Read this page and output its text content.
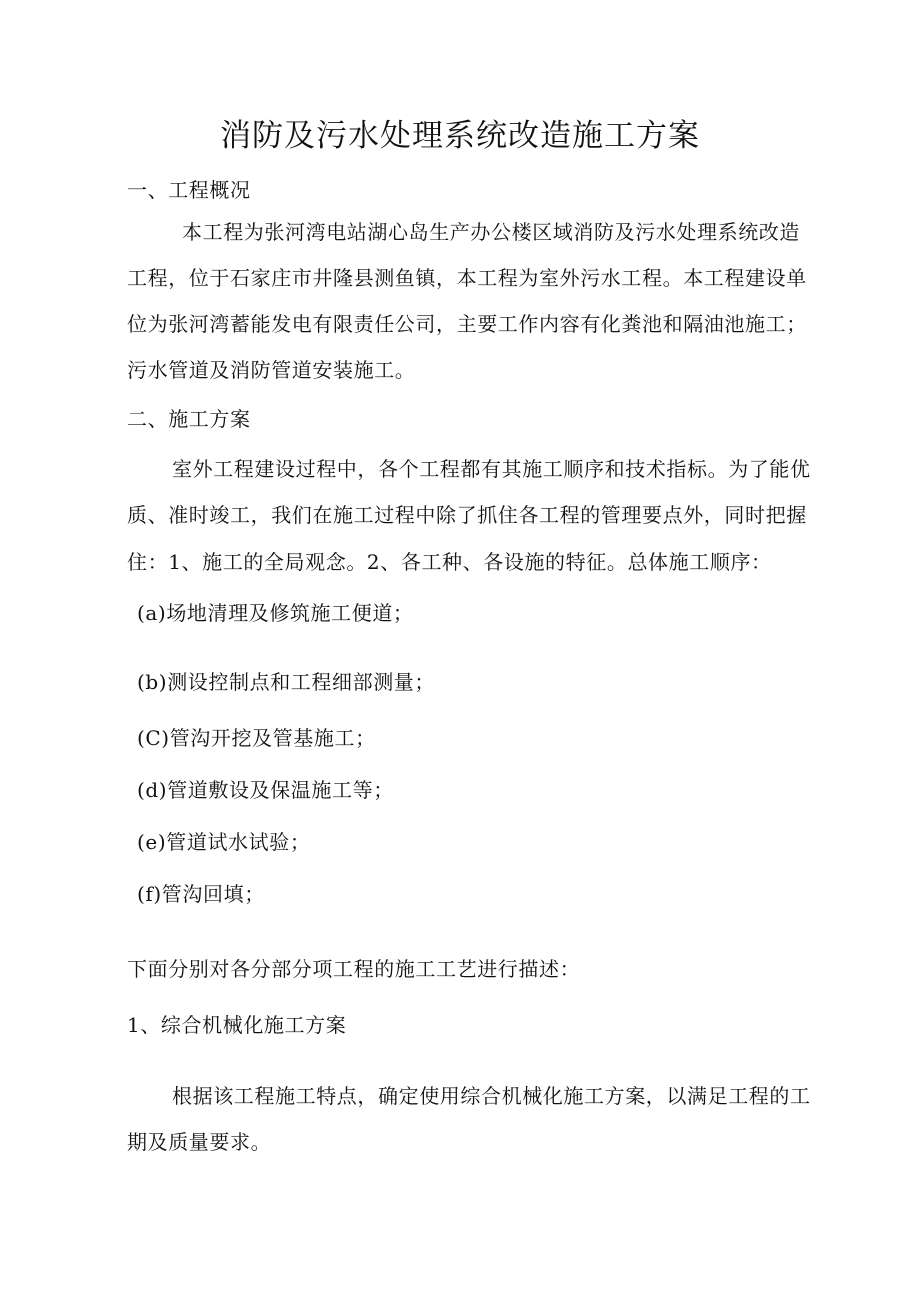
消防及污水处理系统改造施工方案

一、工程概况

本工程为张河湾电站湖心岛生产办公楼区域消防及污水处理系统改造

工程，位于石家庄市井隆县测鱼镇，本工程为室外污水工程。本工程建设单

位为张河湾蓄能发电有限责任公司，主要工作内容有化粪池和隔油池施工；

污水管道及消防管道安装施工。

二、施工方案

室外工程建设过程中，各个工程都有其施工顺序和技术指标。为了能优

质、准时竣工，我们在施工过程中除了抓住各工程的管理要点外，同时把握

住：1、施工的全局观念。2、各工种、各设施的特征。总体施工顺序：

(a)场地清理及修筑施工便道；

(b)测设控制点和工程细部测量；

(C)管沟开挖及管基施工；

(d)管道敷设及保温施工等；

(e)管道试水试验；

(f)管沟回填；

下面分别对各分部分项工程的施工工艺进行描述：

1、综合机械化施工方案

根据该工程施工特点，确定使用综合机械化施工方案，以满足工程的工

期及质量要求。
